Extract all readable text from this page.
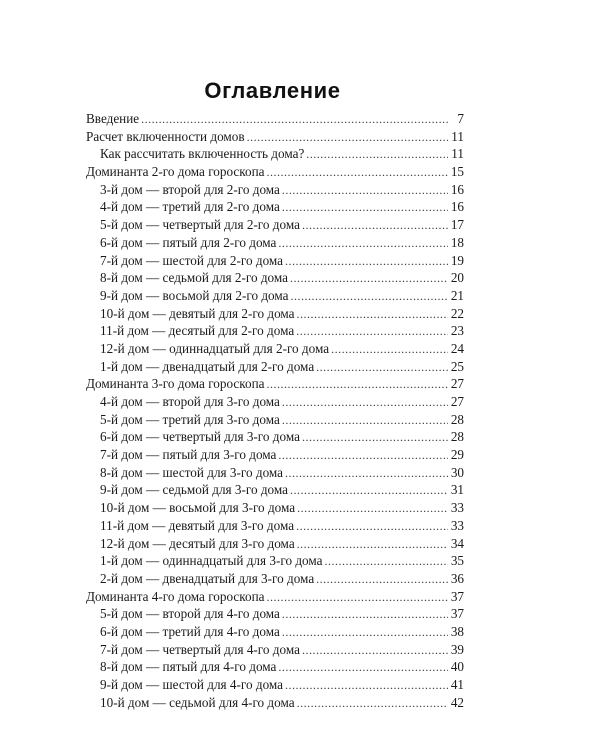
Оглавление
Введение .....	7
Расчет включенности домов .....	11
Как рассчитать включенность дома? .....	11
Доминанта 2-го дома гороскопа .....	15
3-й дом — второй для 2-го дома .....	16
4-й дом — третий для 2-го дома .....	16
5-й дом — четвертый для 2-го дома .....	17
6-й дом — пятый для 2-го дома .....	18
7-й дом — шестой для 2-го дома .....	19
8-й дом — седьмой для 2-го дома .....	20
9-й дом — восьмой для 2-го дома .....	21
10-й дом — девятый для 2-го дома .....	22
11-й дом — десятый для 2-го дома .....	23
12-й дом — одиннадцатый для 2-го дома .....	24
1-й дом — двенадцатый для 2-го дома .....	25
Доминанта 3-го дома гороскопа .....	27
4-й дом — второй для 3-го дома .....	27
5-й дом — третий для 3-го дома .....	28
6-й дом — четвертый для 3-го дома .....	28
7-й дом — пятый для 3-го дома .....	29
8-й дом — шестой для 3-го дома .....	30
9-й дом — седьмой для 3-го дома .....	31
10-й дом — восьмой для 3-го дома .....	33
11-й дом — девятый для 3-го дома .....	33
12-й дом — десятый для 3-го дома .....	34
1-й дом — одиннадцатый для 3-го дома .....	35
2-й дом — двенадцатый для 3-го дома .....	36
Доминанта 4-го дома гороскопа .....	37
5-й дом — второй для 4-го дома .....	37
6-й дом — третий для 4-го дома .....	38
7-й дом — четвертый для 4-го дома .....	39
8-й дом — пятый для 4-го дома .....	40
9-й дом — шестой для 4-го дома .....	41
10-й дом — седьмой для 4-го дома .....	42
